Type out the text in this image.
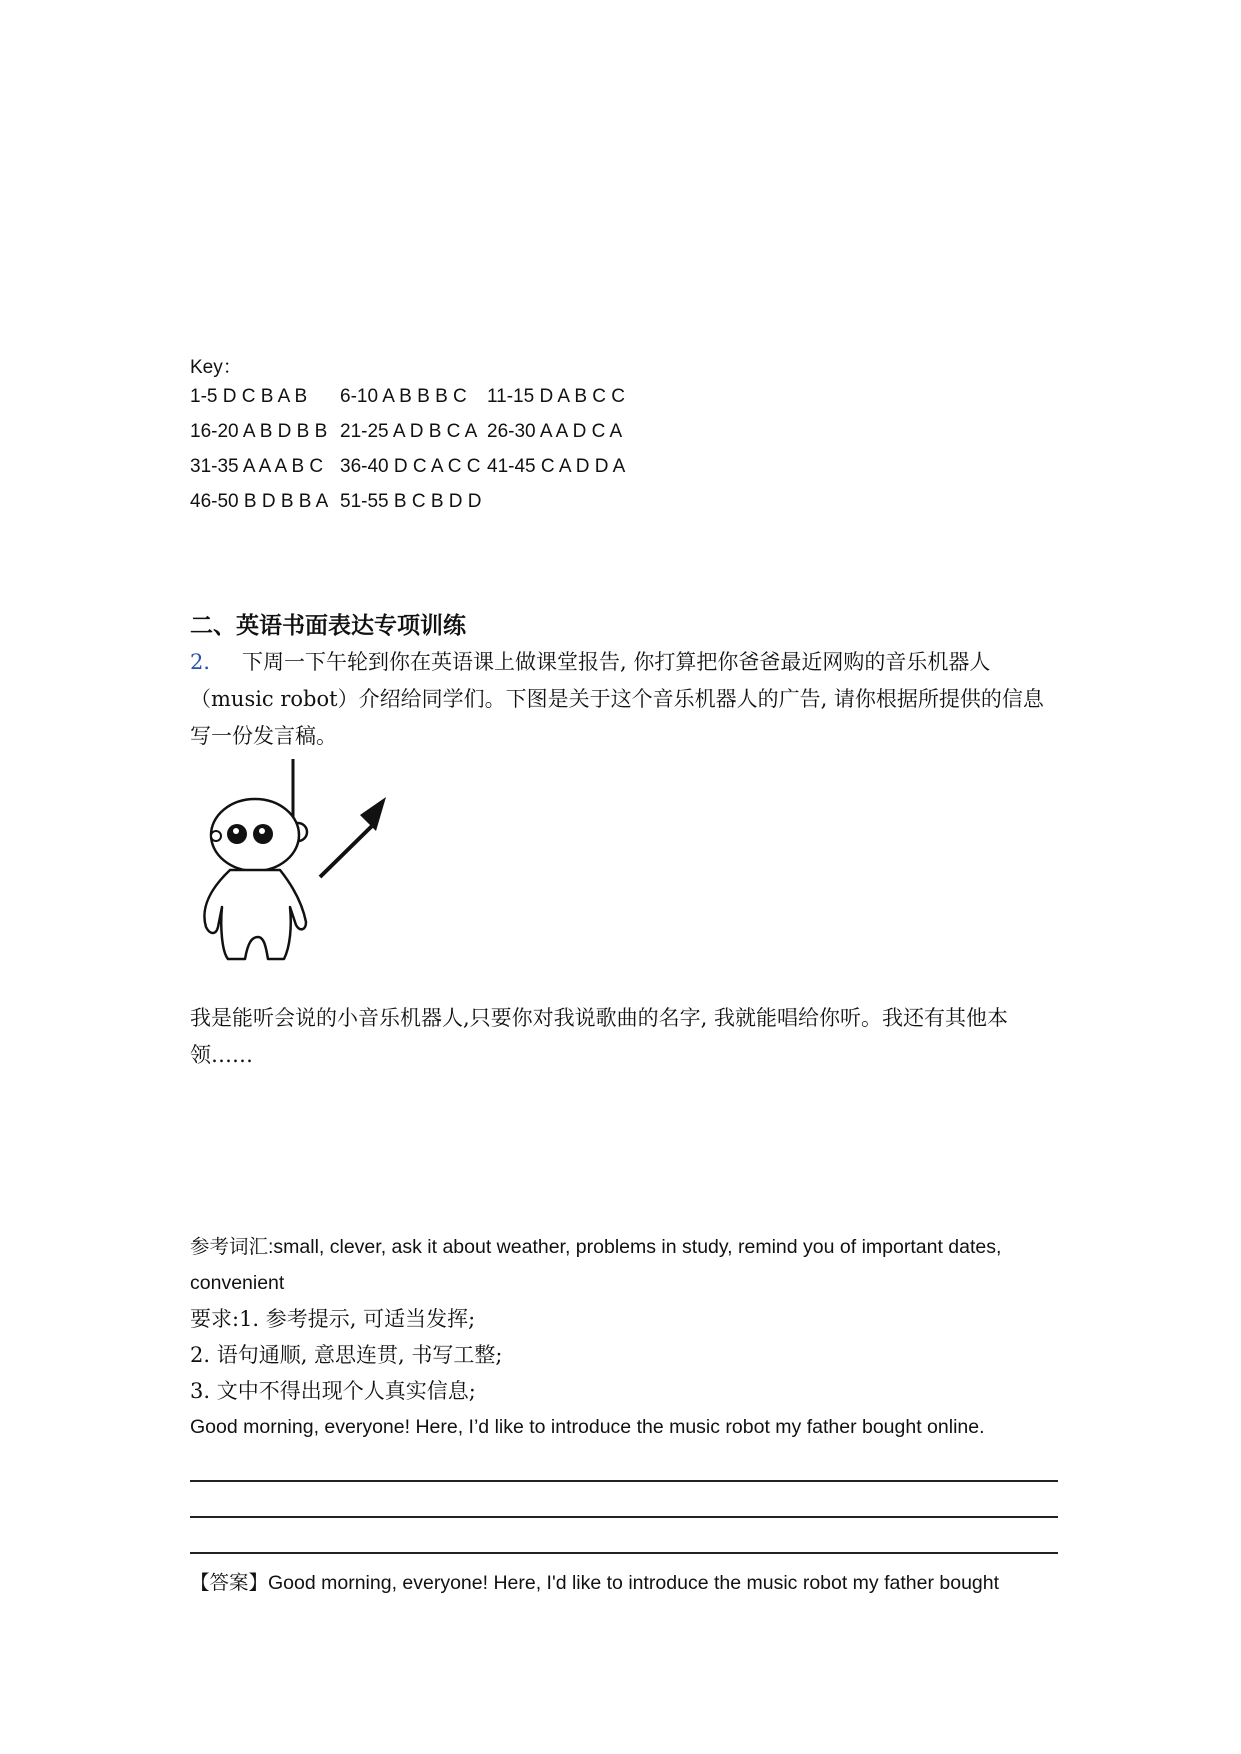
Key：
1-5 D C B A B 6-10 A B B B C 11-15 D A B C C
16-20 A B D B B 21-25 A D B C A 26-30 A A D C A
31-35 A A A B C 36-40 D C A C C 41-45 C A D D A
46-50 B D B B A 51-55 B C B D D
二、英语书面表达专项训练
2． 下周一下午轮到你在英语课上做课堂报告, 你打算把你爸爸最近网购的音乐机器人
（music robot）介绍给同学们。下图是关于这个音乐机器人的广告, 请你根据所提供的信息
写一份发言稿。
我是能听会说的小音乐机器人,只要你对我说歌曲的名字, 我就能唱给你听。我还有其他本
领……
参考词汇:small, clever, ask it about weather, problems in study, remind you of important dates,
convenient
要求:1. 参考提示, 可适当发挥;
2. 语句通顺, 意思连贯, 书写工整;
3. 文中不得出现个人真实信息;
Good morning, everyone! Here, I’d like to introduce the music robot my father bought online.
【答案】Good morning, everyone! Here, I'd like to introduce the music robot my father bought
